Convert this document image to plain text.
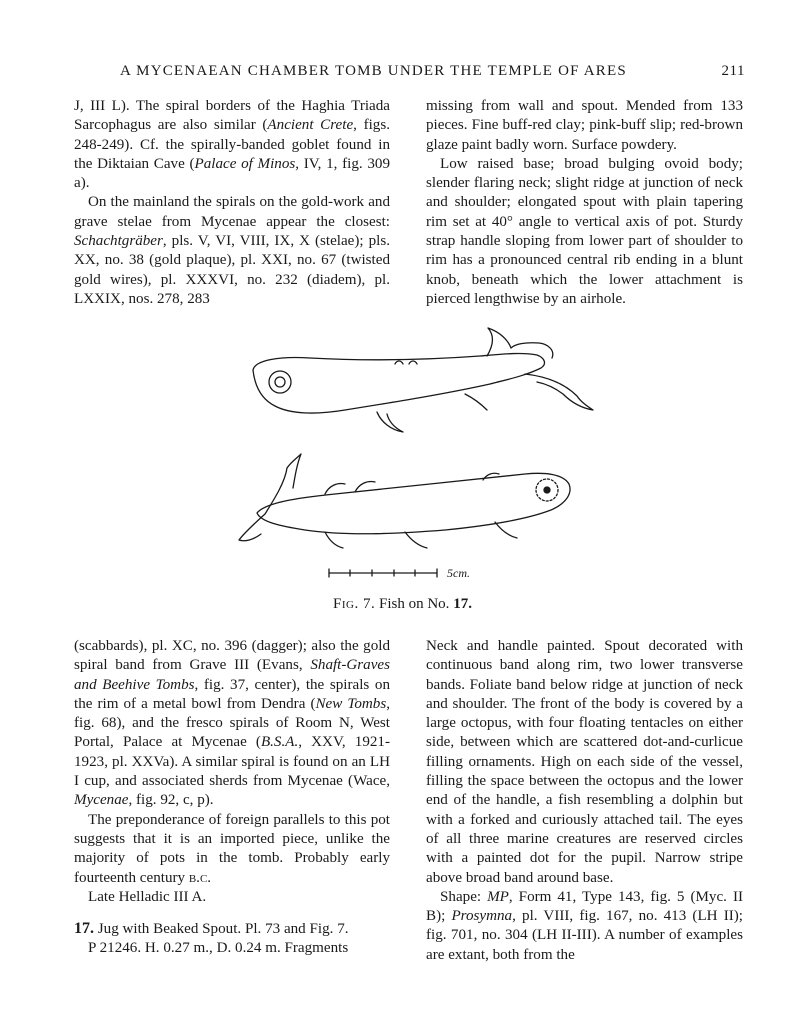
A MYCENAEAN CHAMBER TOMB UNDER THE TEMPLE OF ARES	211

J, III L). The spiral borders of the Haghia Triada Sarcophagus are also similar (Ancient Crete, figs. 248-249). Cf. the spirally-banded goblet found in the Diktaian Cave (Palace of Minos, IV, 1, fig. 309 a).

On the mainland the spirals on the gold-work and grave stelae from Mycenae appear the closest: Schachtgräber, pls. V, VI, VIII, IX, X (stelae); pls. XX, no. 38 (gold plaque), pl. XXI, no. 67 (twisted gold wires), pl. XXXVI, no. 232 (diadem), pl. LXXIX, nos. 278, 283

missing from wall and spout. Mended from 133 pieces. Fine buff-red clay; pink-buff slip; red-brown glaze paint badly worn. Surface powdery.

Low raised base; broad bulging ovoid body; slender flaring neck; slight ridge at junction of neck and shoulder; elongated spout with plain tapering rim set at 40° angle to vertical axis of pot. Sturdy strap handle sloping from lower part of shoulder to rim has a pronounced central rib ending in a blunt knob, beneath which the lower attachment is pierced lengthwise by an airhole.

5cm.
Fig. 7. Fish on No. 17.

(scabbards), pl. XC, no. 396 (dagger); also the gold spiral band from Grave III (Evans, Shaft-Graves and Beehive Tombs, fig. 37, center), the spirals on the rim of a metal bowl from Dendra (New Tombs, fig. 68), and the fresco spirals of Room N, West Portal, Palace at Mycenae (B.S.A., XXV, 1921-1923, pl. XXVa). A similar spiral is found on an LH I cup, and associated sherds from Mycenae (Wace, Mycenae, fig. 92, c, p).

The preponderance of foreign parallels to this pot suggests that it is an imported piece, unlike the majority of pots in the tomb. Probably early fourteenth century b.c.

Late Helladic III A.

17. Jug with Beaked Spout. Pl. 73 and Fig. 7.

P 21246. H. 0.27 m., D. 0.24 m. Fragments

Neck and handle painted. Spout decorated with continuous band along rim, two lower transverse bands. Foliate band below ridge at junction of neck and shoulder. The front of the body is covered by a large octopus, with four floating tentacles on either side, between which are scattered dot-and-curlicue filling ornaments. High on each side of the vessel, filling the space between the octopus and the lower end of the handle, a fish resembling a dolphin but with a forked and curiously attached tail. The eyes of all three marine creatures are reserved circles with a painted dot for the pupil. Narrow stripe above broad band around base.

Shape: MP, Form 41, Type 143, fig. 5 (Myc. II B); Prosymna, pl. VIII, fig. 167, no. 413 (LH II); fig. 701, no. 304 (LH II-III). A number of examples are extant, both from the
